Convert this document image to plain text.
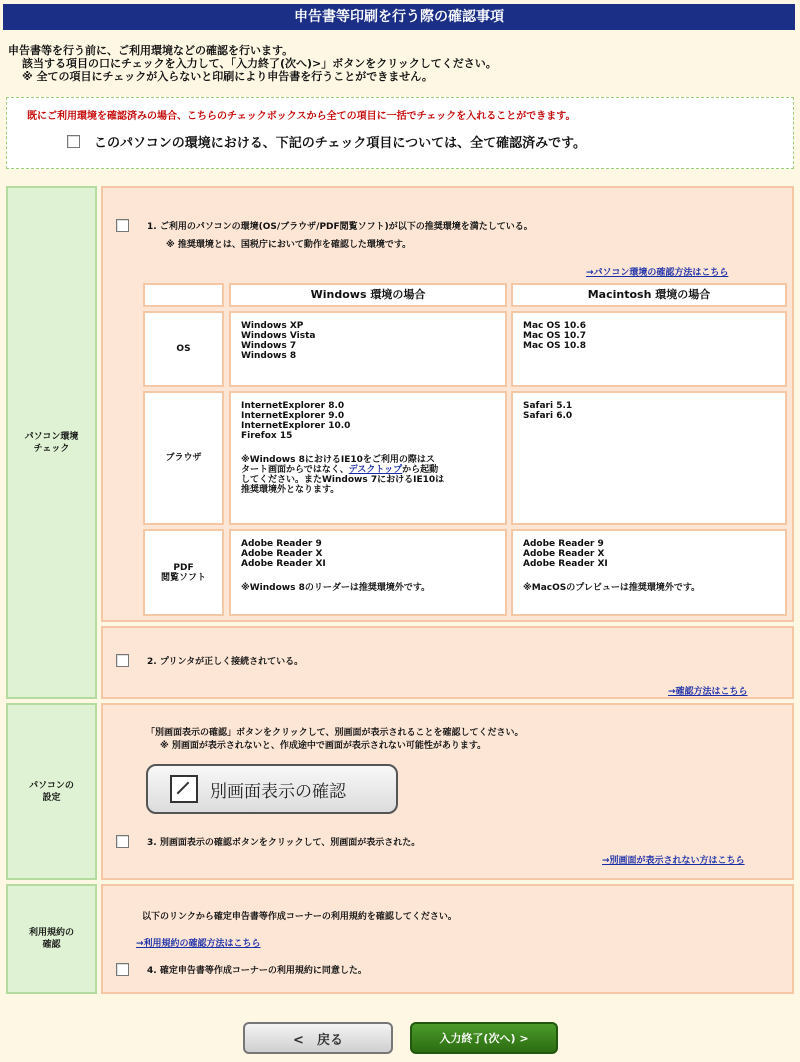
申告書等印刷を行う際の確認事項
申告書等を行う前に、ご利用環境などの確認を行います。
該当する項目の口にチェックを入力して、「入力終了(次へ)>」ボタンをクリックしてください。
※ 全ての項目にチェックが入らないと印刷により申告書を行うことができません。
既にご利用環境を確認済みの場合、こちらのチェックボックスから全ての項目に一括でチェックを入れることができます。
このパソコンの環境における、下記のチェック項目については、全て確認済みです。
パソコン環境
チェック
1. ご利用のパソコンの環境(OS/ブラウザ/PDF閲覧ソフト)が以下の推奨環境を満たしている。
※ 推奨環境とは、国税庁において動作を確認した環境です。
→パソコン環境の確認方法はこちら
Windows 環境の場合	Macintosh 環境の場合
OS
Windows XP
Windows Vista
Windows 7
Windows 8
Mac OS 10.6
Mac OS 10.7
Mac OS 10.8
ブラウザ
InternetExplorer 8.0
InternetExplorer 9.0
InternetExplorer 10.0
Firefox 15
※Windows 8におけるIE10をご利用の際はス
タート画面からではなく、デスクトップから起動
してください。またWindows 7におけるIE10は
推奨環境外となります。
Safari 5.1
Safari 6.0
PDF
閲覧ソフト
Adobe Reader 9
Adobe Reader X
Adobe Reader XI
※Windows 8のリーダーは推奨環境外です。
Adobe Reader 9
Adobe Reader X
Adobe Reader XI
※MacOSのプレビューは推奨環境外です。
2. プリンタが正しく接続されている。
→確認方法はこちら
パソコンの
設定
「別画面表示の確認」ボタンをクリックして、別画面が表示されることを確認してください。
※ 別画面が表示されないと、作成途中で画面が表示されない可能性があります。
別画面表示の確認
3. 別画面表示の確認ボタンをクリックして、別画面が表示された。
→別画面が表示されない方はこちら
利用規約の
確認
以下のリンクから確定申告書等作成コーナーの利用規約を確認してください。
→利用規約の確認方法はこちら
4. 確定申告書等作成コーナーの利用規約に同意した。
<　戻る	入力終了(次へ) >
